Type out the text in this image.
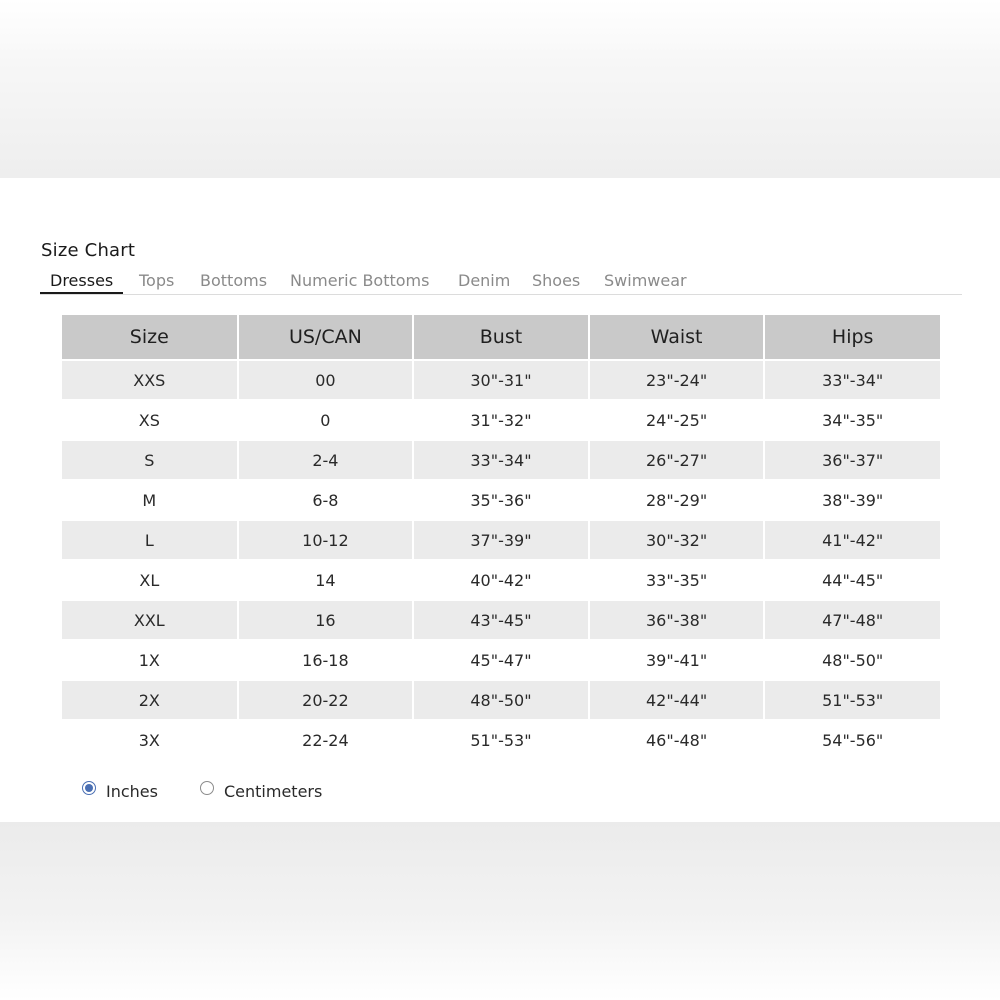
Size Chart
Dresses	Tops Bottoms Numeric Bottoms Denim Shoes Swimwear
Size	US/CAN	Bust	Waist	Hips
XXS	00	30"-31"	23"-24"	33"-34"
XS	0	31"-32"	24"-25"	34"-35"
S	2-4	33"-34"	26"-27"	36"-37"
M	6-8	35"-36"	28"-29"	38"-39"
L	10-12	37"-39"	30"-32"	41"-42"
XL	14	40"-42"	33"-35"	44"-45"
XXL	16	43"-45"	36"-38"	47"-48"
1X	16-18	45"-47"	39"-41"	48"-50"
2X	20-22	48"-50"	42"-44"	51"-53"
3X	22-24	51"-53"	46"-48"	54"-56"
Inches	Centimeters
